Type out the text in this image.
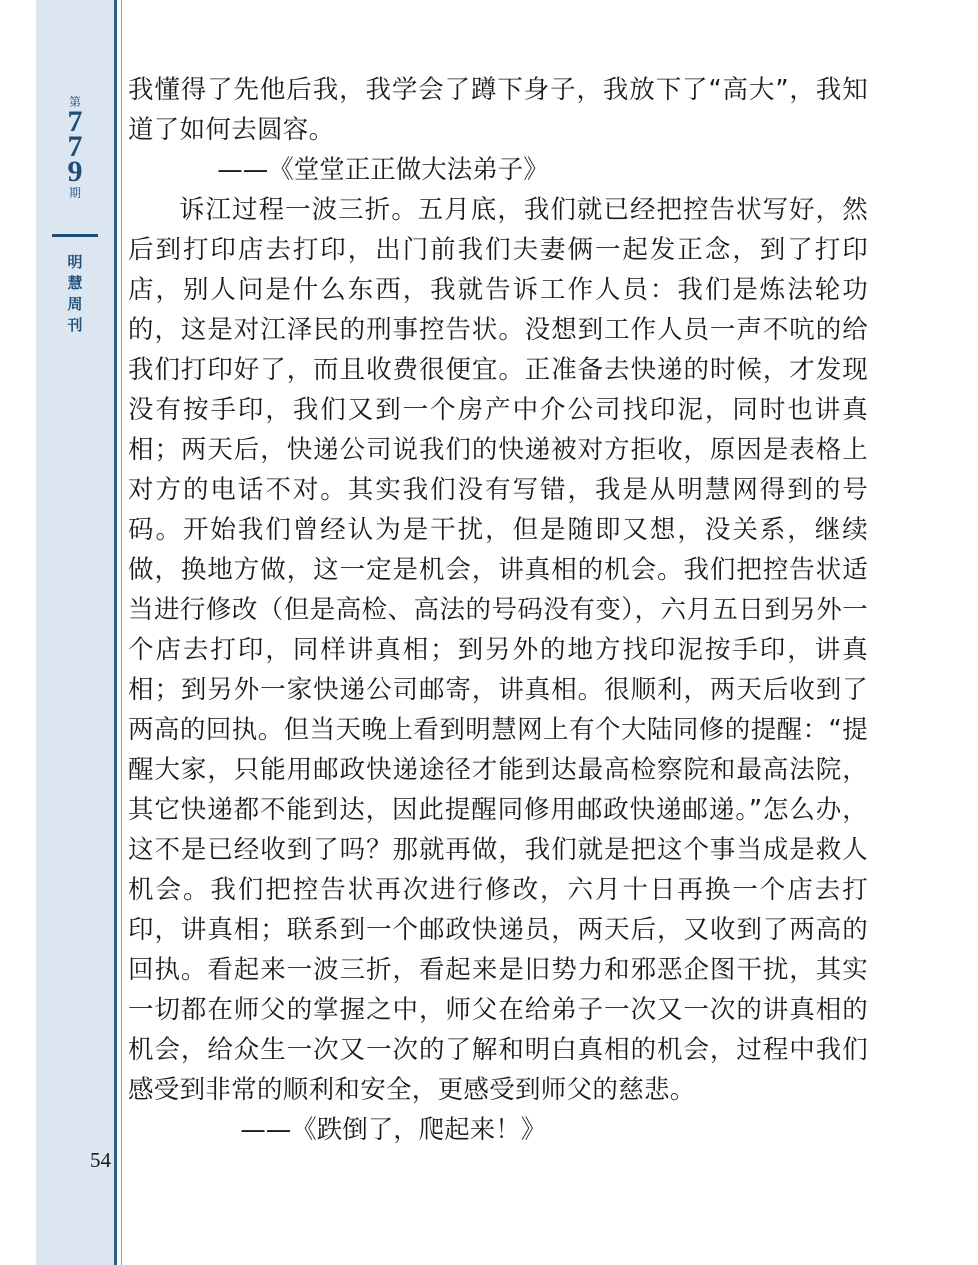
第
7
7
9
期
明
慧
周
刊

我懂得了先他后我，我学会了蹲下身子，我放下了“高大”，我知道了如何去圆容。

——《堂堂正正做大法弟子》

诉江过程一波三折。五月底，我们就已经把控告状写好，然后到打印店去打印，出门前我们夫妻俩一起发正念，到了打印店，别人问是什么东西，我就告诉工作人员：我们是炼法轮功的，这是对江泽民的刑事控告状。没想到工作人员一声不吭的给我们打印好了，而且收费很便宜。正准备去快递的时候，才发现没有按手印，我们又到一个房产中介公司找印泥，同时也讲真相；两天后，快递公司说我们的快递被对方拒收，原因是表格上对方的电话不对。其实我们没有写错，我是从明慧网得到的号码。开始我们曾经认为是干扰，但是随即又想，没关系，继续做，换地方做，这一定是机会，讲真相的机会。我们把控告状适当进行修改（但是高检、高法的号码没有变），六月五日到另外一个店去打印，同样讲真相；到另外的地方找印泥按手印，讲真相；到另外一家快递公司邮寄，讲真相。很顺利，两天后收到了两高的回执。但当天晚上看到明慧网上有个大陆同修的提醒：“提醒大家，只能用邮政快递途径才能到达最高检察院和最高法院，其它快递都不能到达，因此提醒同修用邮政快递邮递。”怎么办，这不是已经收到了吗？那就再做，我们就是把这个事当成是救人机会。我们把控告状再次进行修改，六月十日再换一个店去打印，讲真相；联系到一个邮政快递员，两天后，又收到了两高的回执。看起来一波三折，看起来是旧势力和邪恶企图干扰，其实一切都在师父的掌握之中，师父在给弟子一次又一次的讲真相的机会，给众生一次又一次的了解和明白真相的机会，过程中我们感受到非常的顺利和安全，更感受到师父的慈悲。

——《跌倒了，爬起来！》

54
